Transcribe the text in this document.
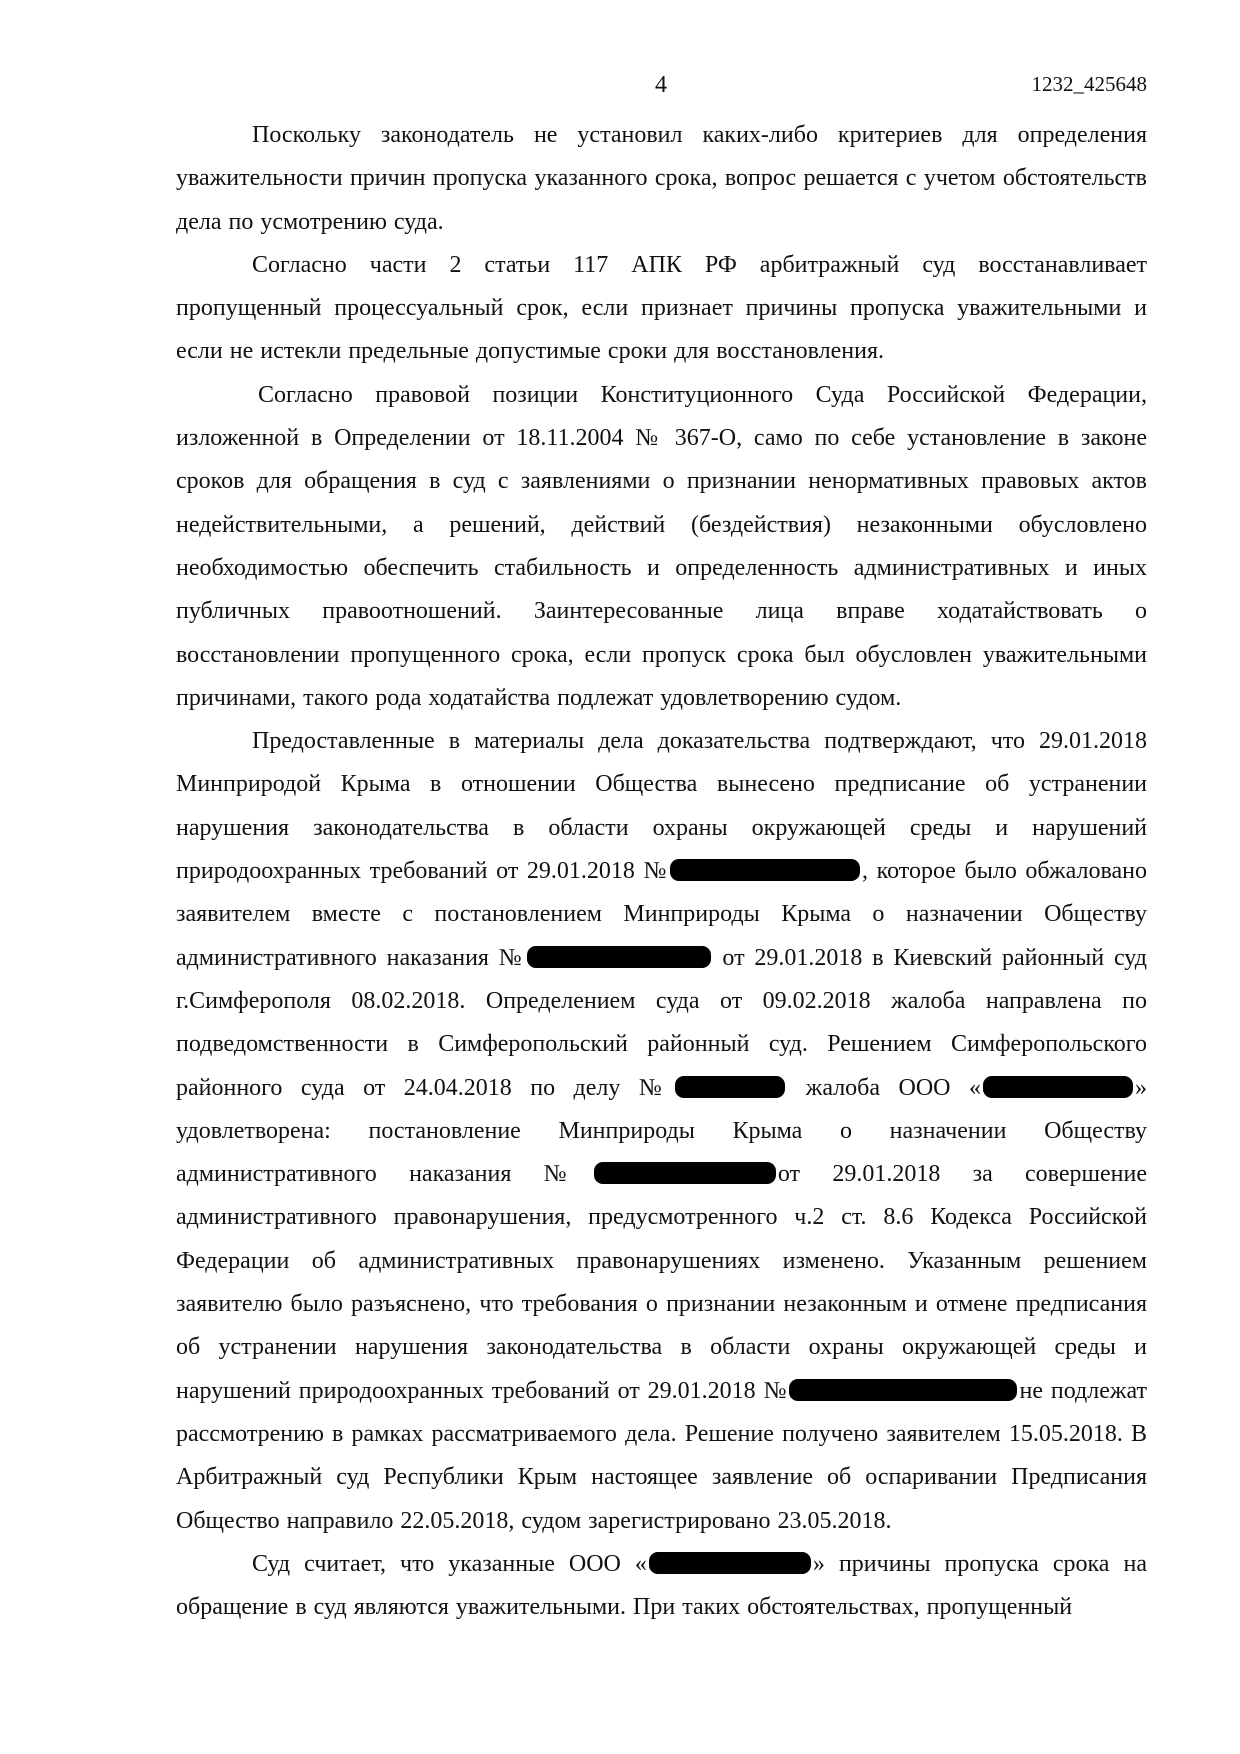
4	1232_425648

Поскольку законодатель не установил каких-либо критериев для определения уважительности причин пропуска указанного срока, вопрос решается с учетом обстоятельств дела по усмотрению суда.

Согласно части 2 статьи 117 АПК РФ арбитражный суд восстанавливает пропущенный процессуальный срок, если признает причины пропуска уважительными и если не истекли предельные допустимые сроки для восстановления.

Согласно правовой позиции Конституционного Суда Российской Федерации, изложенной в Определении от 18.11.2004 № 367-О, само по себе установление в законе сроков для обращения в суд с заявлениями о признании ненормативных правовых актов недействительными, а решений, действий (бездействия) незаконными обусловлено необходимостью обеспечить стабильность и определенность административных и иных публичных правоотношений. Заинтересованные лица вправе ходатайствовать о восстановлении пропущенного срока, если пропуск срока был обусловлен уважительными причинами, такого рода ходатайства подлежат удовлетворению судом.

Предоставленные в материалы дела доказательства подтверждают, что 29.01.2018 Минприродой Крыма в отношении Общества вынесено предписание об устранении нарушения законодательства в области охраны окружающей среды и нарушений природоохранных требований от 29.01.2018 №	, которое было обжаловано заявителем вместе с постановлением Минприроды Крыма о назначении Обществу административного наказания №	от 29.01.2018 в Киевский районный суд г.Симферополя 08.02.2018. Определением суда от 09.02.2018 жалоба направлена по подведомственности в Симферопольский районный суд. Решением Симферопольского районного суда от 24.04.2018 по делу №	жалоба ООО «	» удовлетворена: постановление Минприроды Крыма о назначении Обществу административного наказания №	от 29.01.2018 за совершение административного правонарушения, предусмотренного ч.2 ст. 8.6 Кодекса Российской Федерации об административных правонарушениях изменено. Указанным решением заявителю было разъяснено, что требования о признании незаконным и отмене предписания об устранении нарушения законодательства в области охраны окружающей среды и нарушений природоохранных требований от 29.01.2018 №	не подлежат рассмотрению в рамках рассматриваемого дела. Решение получено заявителем 15.05.2018. В Арбитражный суд Республики Крым настоящее заявление об оспаривании Предписания Общество направило 22.05.2018, судом зарегистрировано 23.05.2018.

Суд считает, что указанные ООО «	» причины пропуска срока на обращение в суд являются уважительными. При таких обстоятельствах, пропущенный
